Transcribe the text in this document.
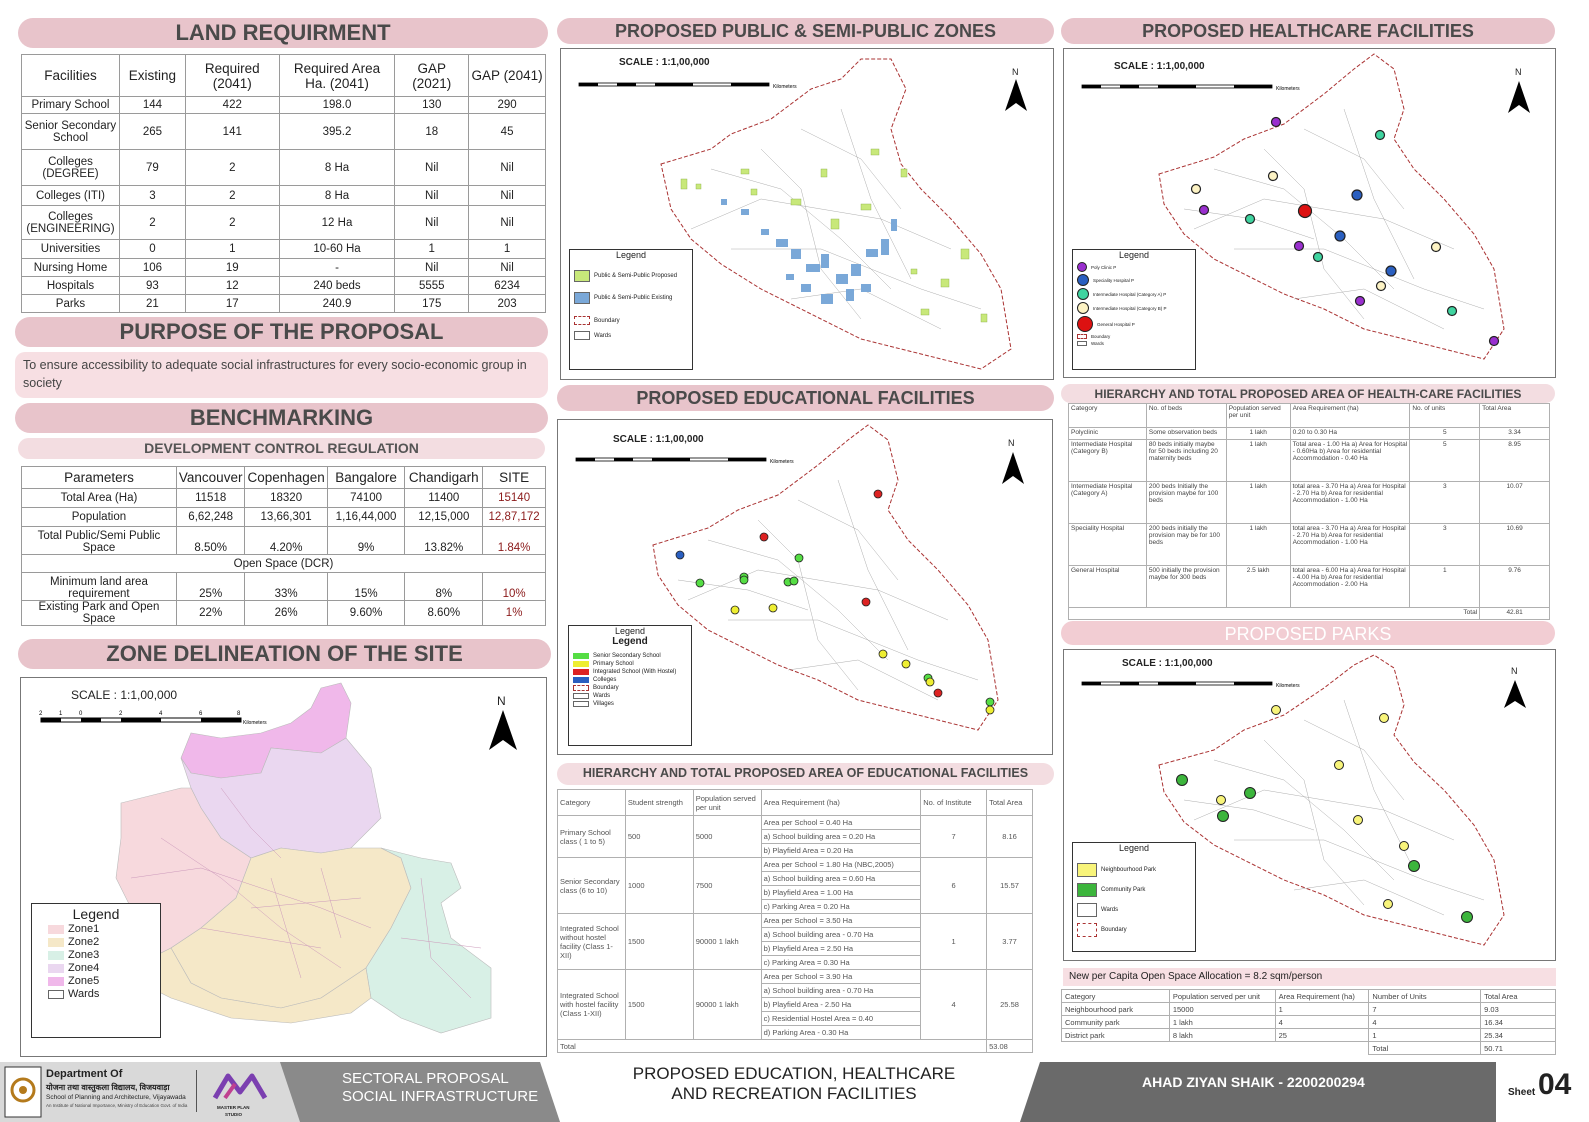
LAND REQUIRMENT
Facilities	Existing	Required (2041)	Required Area Ha. (2041)	GAP (2021)	GAP (2041)
Primary School	144	422	198.0	130	290
Senior Secondary School	265	141	395.2	18	45
Colleges (DEGREE)	79	2	8 Ha	Nil	Nil
Colleges (ITI)	3	2	8 Ha	Nil	Nil
Colleges (ENGINEERING)	2	2	12 Ha	Nil	Nil
Universities	0	1	10-60 Ha	1	1
Nursing Home	106	19	-	Nil	Nil
Hospitals	93	12	240 beds	5555	6234
Parks	21	17	240.9	175	203
PURPOSE OF THE PROPOSAL
To ensure accessibility to adequate social infrastructures for every socio-economic group in society
BENCHMARKING
DEVELOPMENT CONTROL REGULATION
Parameters	Vancouver	Copenhagen	Bangalore	Chandigarh	SITE
Total Area (Ha)	11518	18320	74100	11400	15140
Population	6,62,248	13,66,301	1,16,44,000	12,15,000	12,87,172
Total Public/Semi Public Space	8.50%	4.20%	9%	13.82%	1.84%
Open Space (DCR)					
Minimum land area requirement	25%	33%	15%	8%	10%
Existing Park and Open Space	22%	26%	9.60%	8.60%	1%
ZONE DELINEATION OF THE SITE
SCALE : 1:1,00,000
2	1	0	2	4	6	8
Kilometers
N
Legend
Zone1
Zone2
Zone3
Zone4
Zone5
Wards
PROPOSED PUBLIC & SEMI-PUBLIC ZONES
SCALE : 1:1,00,000
Kilometers
N
Legend
Public & Semi-Public Proposed
Public & Semi-Public Existing
Boundary
Wards
PROPOSED EDUCATIONAL FACILITIES
SCALE : 1:1,00,000
Kilometers
N
Legend
Legend
Senior Secondary School
Primary School
Integrated School (With Hostel)
Colleges
Boundary
Wards
Villages
HIERARCHY AND TOTAL PROPOSED AREA OF EDUCATIONAL FACILITIES
Category	Student strength	Population served per unit	Area Requirement (ha)	No. of Institute	Total Area
Primary School class ( 1 to 5)	500	5000	Area per School = 0.40 Ha	7	8.16
			a) School building area = 0.20 Ha		
			b) Playfield Area = 0.20 Ha		
Senior Secondary class (6 to 10)	1000	7500	Area per School = 1.80 Ha (NBC,2005)	6	15.57
			a) School building area = 0.60 Ha		
			b) Playfield Area = 1.00 Ha		
			c) Parking Area = 0.20 Ha		
Integrated School without hostel facility (Class 1-XII)	1500	90000 1 lakh	Area per School = 3.50 Ha	1	3.77
			a) School building area - 0.70 Ha		
			b) Playfield Area = 2.50 Ha		
			c) Parking Area = 0.30 Ha		
Integrated School with hostel facility (Class 1-XII)	1500	90000 1 lakh	Area per School = 3.90 Ha	4	25.58
			a) School building area - 0.70 Ha		
			b) Playfield Area - 2.50 Ha		
			c) Residential Hostel Area = 0.40		
			d) Parking Area - 0.30 Ha		
Total					53.08
PROPOSED HEALTHCARE FACILITIES
SCALE : 1:1,00,000
Kilometers
N
Legend
Poly Clinic P
Speciality Hospital P
Intermediate Hospital (Category A) P
Intermediate Hospital (Category B) P
General Hospital P
Boundary
Wards
HIERARCHY AND TOTAL PROPOSED AREA OF HEALTH-CARE FACILITIES
Category	No. of beds	Population served per unit	Area Requirement (ha)	No. of units	Total Area
Polyclinic	Some observation beds	1 lakh	0.20 to 0.30 Ha	5	3.34
Intermediate Hospital (Category B)	80 beds initially maybe for 50 beds including 20 maternity beds	1 lakh	Total area - 1.00 Ha a) Area for Hospital - 0.60Ha b) Area for residential Accommodation - 0.40 Ha	5	8.95
Intermediate Hospital (Category A)	200 beds Initially the provision maybe for 100 beds	1 lakh	total area - 3.70 Ha a) Area for Hospital - 2.70 Ha b) Area for residential Accommodation - 1.00 Ha	3	10.07
Speciality Hospital	200 beds initially the provision may be for 100 beds	1 lakh	total area - 3.70 Ha a) Area for Hospital - 2.70 Ha b) Area for residential Accommodation - 1.00 Ha	3	10.69
General Hospital	500 initially the provision maybe for 300 beds	2.5 lakh	total area - 6.00 Ha a) Area for Hospital - 4.00 Ha b) Area for residential Accommodation - 2.00 Ha	1	9.76
Total					42.81
PROPOSED PARKS
SCALE : 1:1,00,000
Kilometers
N
Legend
Neighbourhood Park
Community Park
Wards
Boundary
New per Capita Open Space Allocation = 8.2 sqm/person
Category	Population served per unit	Area Requirement (ha)	Number of Units	Total Area
Neighbourhood park	15000	1	7	9.03
Community park	1 lakh	4	4	16.34
District park	8 lakh	25	1	25.34
			Total	50.71
Department Of
योजना तथा वास्तुकला विद्यालय, विजयवाड़ा
School of Planning and Architecture, Vijayawada
An Institute of National Importance, Ministry of Education Govt. of India	MASTER PLAN
STUDIO
SECTORAL PROPOSAL
SOCIAL INFRASTRUCTURE
PROPOSED EDUCATION, HEALTHCARE
AND RECREATION FACILITIES
AHAD ZIYAN SHAIK - 2200200294
Sheet 04
